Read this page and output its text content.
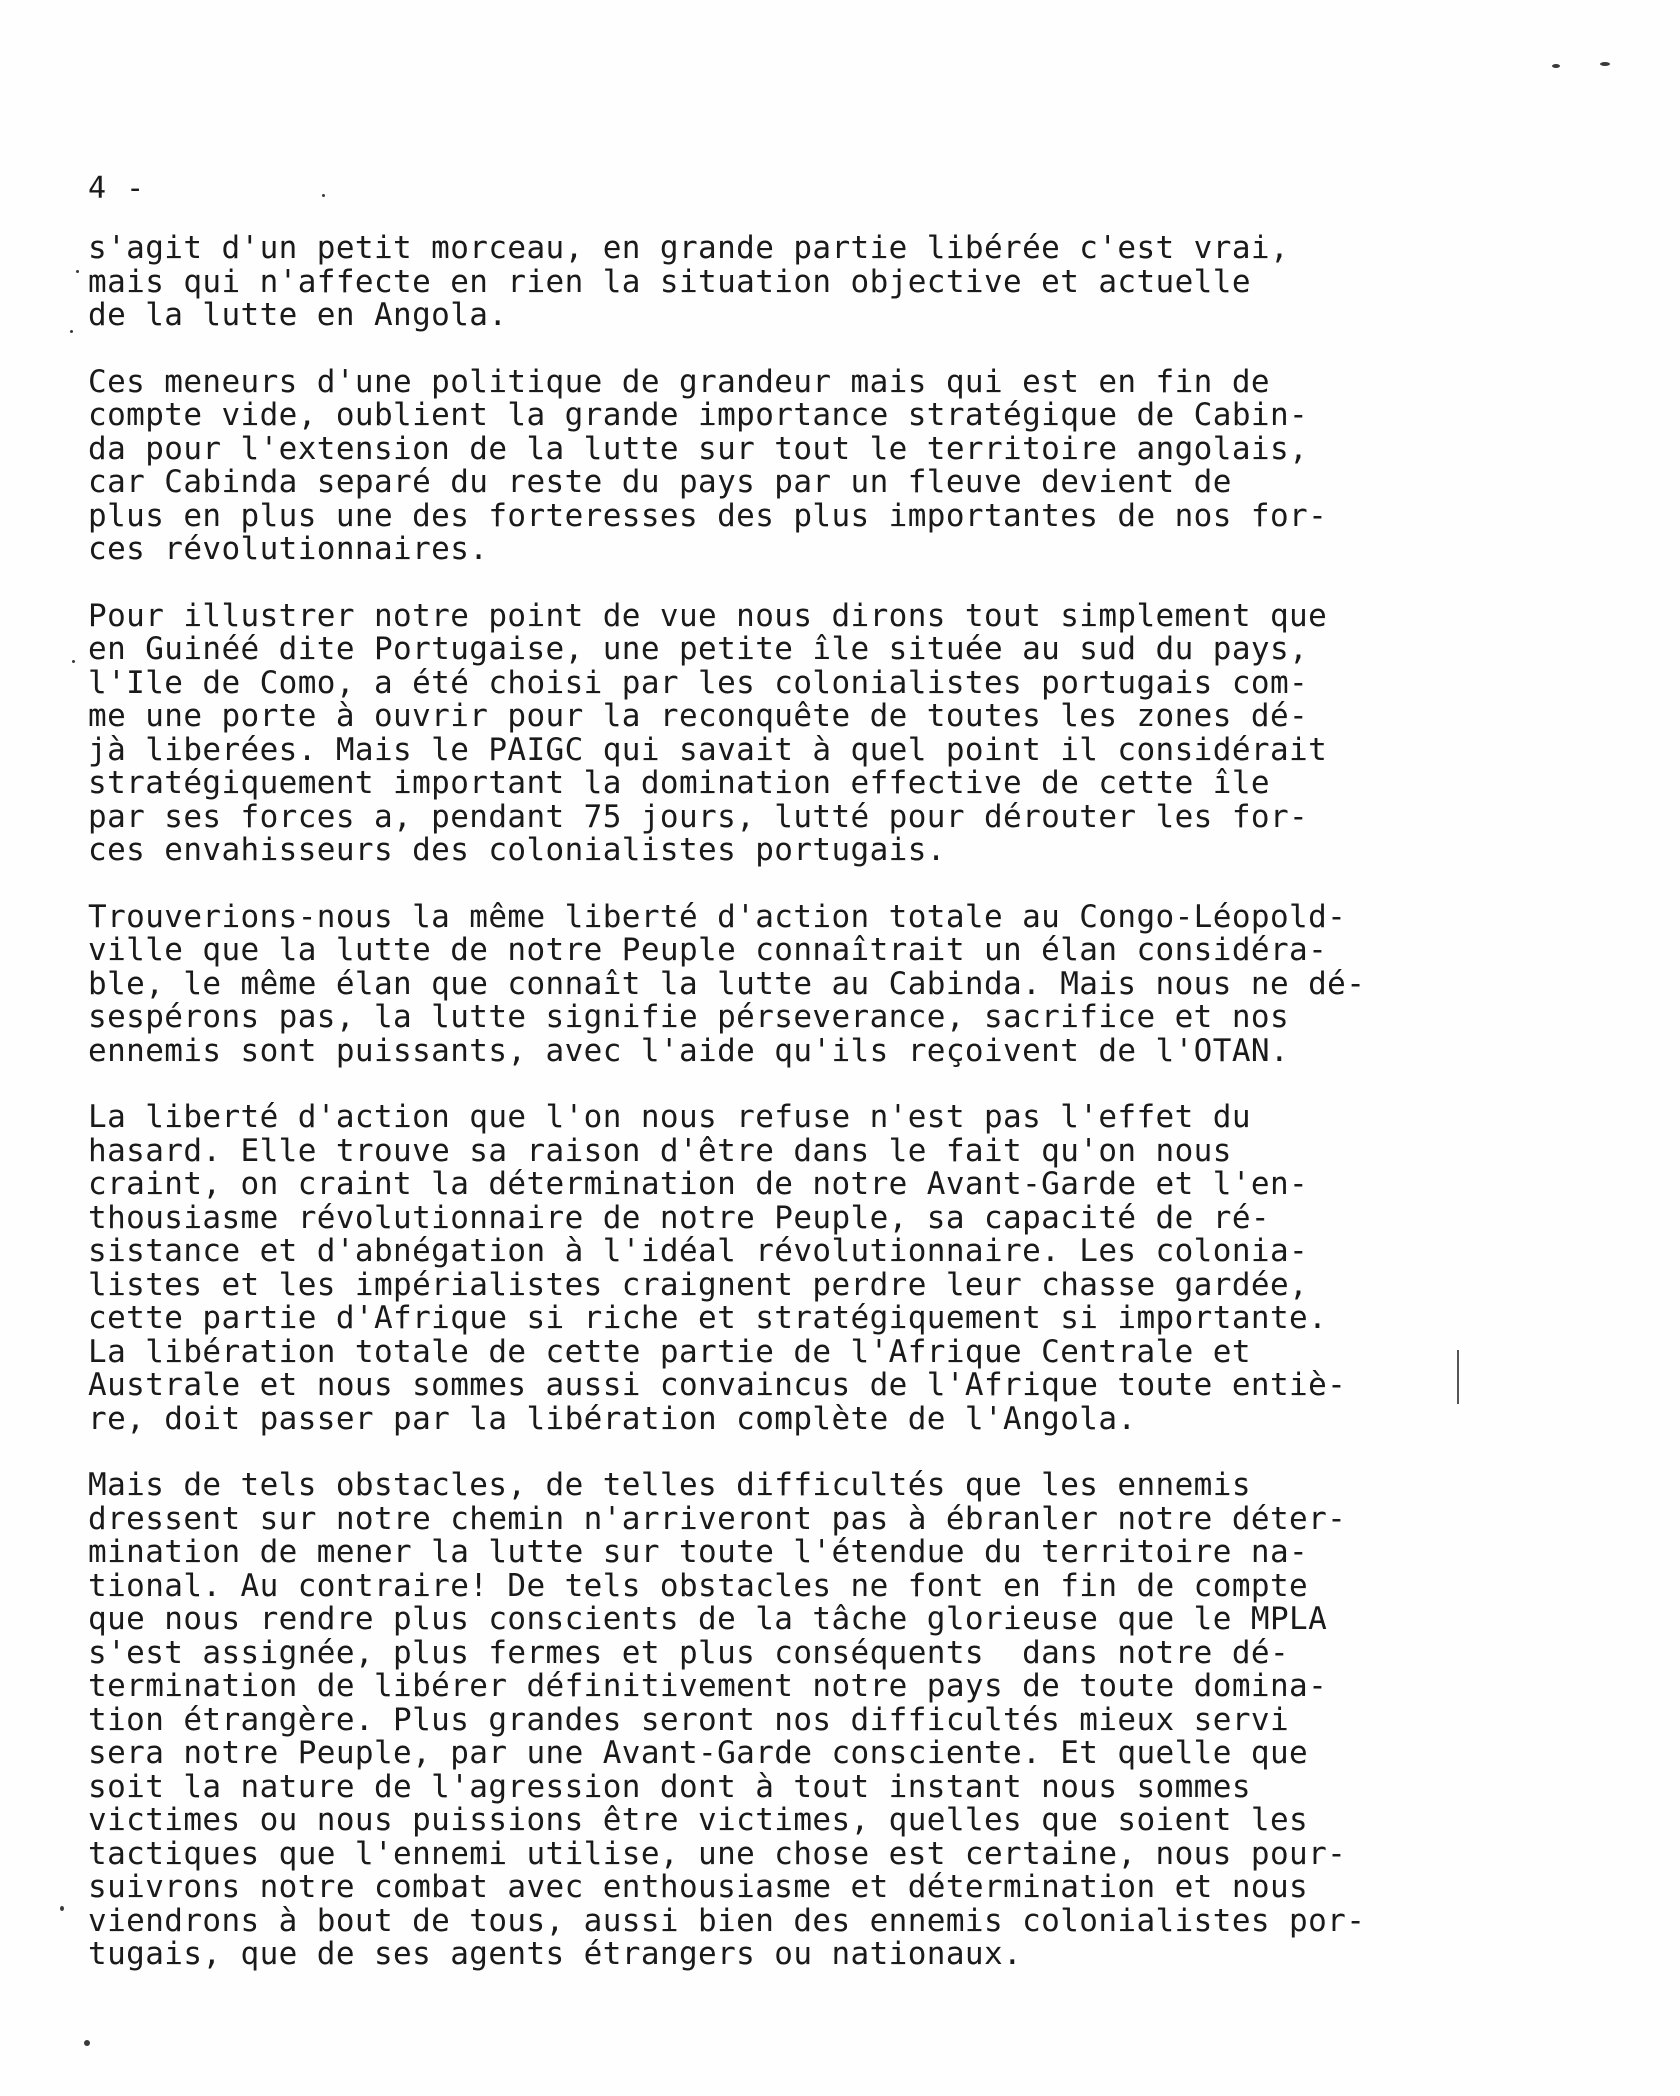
4 -
s'agit d'un petit morceau, en grande partie libérée c'est vrai,
mais qui n'affecte en rien la situation objective et actuelle
de la lutte en Angola.
Ces meneurs d'une politique de grandeur mais qui est en fin de
compte vide, oublient la grande importance stratégique de Cabin-
da pour l'extension de la lutte sur tout le territoire angolais,
car Cabinda separé du reste du pays par un fleuve devient de
plus en plus une des forteresses des plus importantes de nos for-
ces révolutionnaires.
Pour illustrer notre point de vue nous dirons tout simplement que
en Guinéé dite Portugaise, une petite île située au sud du pays,
l'Ile de Como, a été choisi par les colonialistes portugais com-
me une porte à ouvrir pour la reconquête de toutes les zones dé-
jà liberées. Mais le PAIGC qui savait à quel point il considérait
stratégiquement important la domination effective de cette île
par ses forces a, pendant 75 jours, lutté pour dérouter les for-
ces envahisseurs des colonialistes portugais.
Trouverions-nous la même liberté d'action totale au Congo-Léopold-
ville que la lutte de notre Peuple connaîtrait un élan considéra-
ble, le même élan que connaît la lutte au Cabinda. Mais nous ne dé-
sespérons pas, la lutte signifie pérseverance, sacrifice et nos
ennemis sont puissants, avec l'aide qu'ils reçoivent de l'OTAN.
La liberté d'action que l'on nous refuse n'est pas l'effet du
hasard. Elle trouve sa raison d'être dans le fait qu'on nous
craint, on craint la détermination de notre Avant-Garde et l'en-
thousiasme révolutionnaire de notre Peuple, sa capacité de ré-
sistance et d'abnégation à l'idéal révolutionnaire. Les colonia-
listes et les impérialistes craignent perdre leur chasse gardée,
cette partie d'Afrique si riche et stratégiquement si importante.
La libération totale de cette partie de l'Afrique Centrale et
Australe et nous sommes aussi convaincus de l'Afrique toute entiè-
re, doit passer par la libération complète de l'Angola.
Mais de tels obstacles, de telles difficultés que les ennemis
dressent sur notre chemin n'arriveront pas à ébranler notre déter-
mination de mener la lutte sur toute l'étendue du territoire na-
tional. Au contraire! De tels obstacles ne font en fin de compte
que nous rendre plus conscients de la tâche glorieuse que le MPLA
s'est assignée, plus fermes et plus conséquents  dans notre dé-
termination de libérer définitivement notre pays de toute domina-
tion étrangère. Plus grandes seront nos difficultés mieux servi
sera notre Peuple, par une Avant-Garde consciente. Et quelle que
soit la nature de l'agression dont à tout instant nous sommes
victimes ou nous puissions être victimes, quelles que soient les
tactiques que l'ennemi utilise, une chose est certaine, nous pour-
suivrons notre combat avec enthousiasme et détermination et nous
viendrons à bout de tous, aussi bien des ennemis colonialistes por-
tugais, que de ses agents étrangers ou nationaux.
